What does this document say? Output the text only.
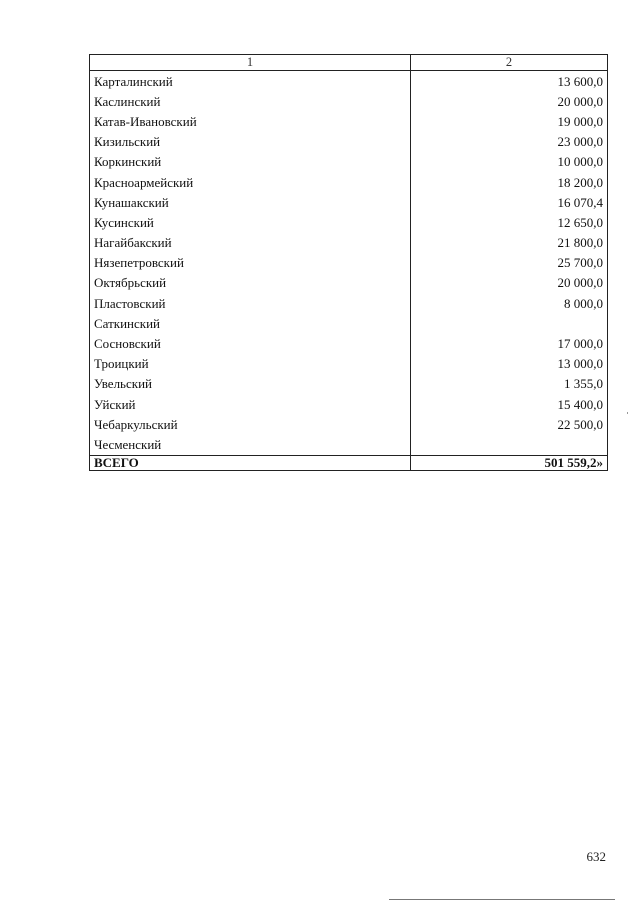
1	2
Карталинский	13 600,0
Каслинский	20 000,0
Катав-Ивановский	19 000,0
Кизильский	23 000,0
Коркинский	10 000,0
Красноармейский	18 200,0
Кунашакский	16 070,4
Кусинский	12 650,0
Нагайбакский	21 800,0
Нязепетровский	25 700,0
Октябрьский	20 000,0
Пластовский	8 000,0
Саткинский	
Сосновский	17 000,0
Троицкий	13 000,0
Увельский	1 355,0
Уйский	15 400,0
Чебаркульский	22 500,0
Чесменский	
ВСЕГО	501 559,2»
632
